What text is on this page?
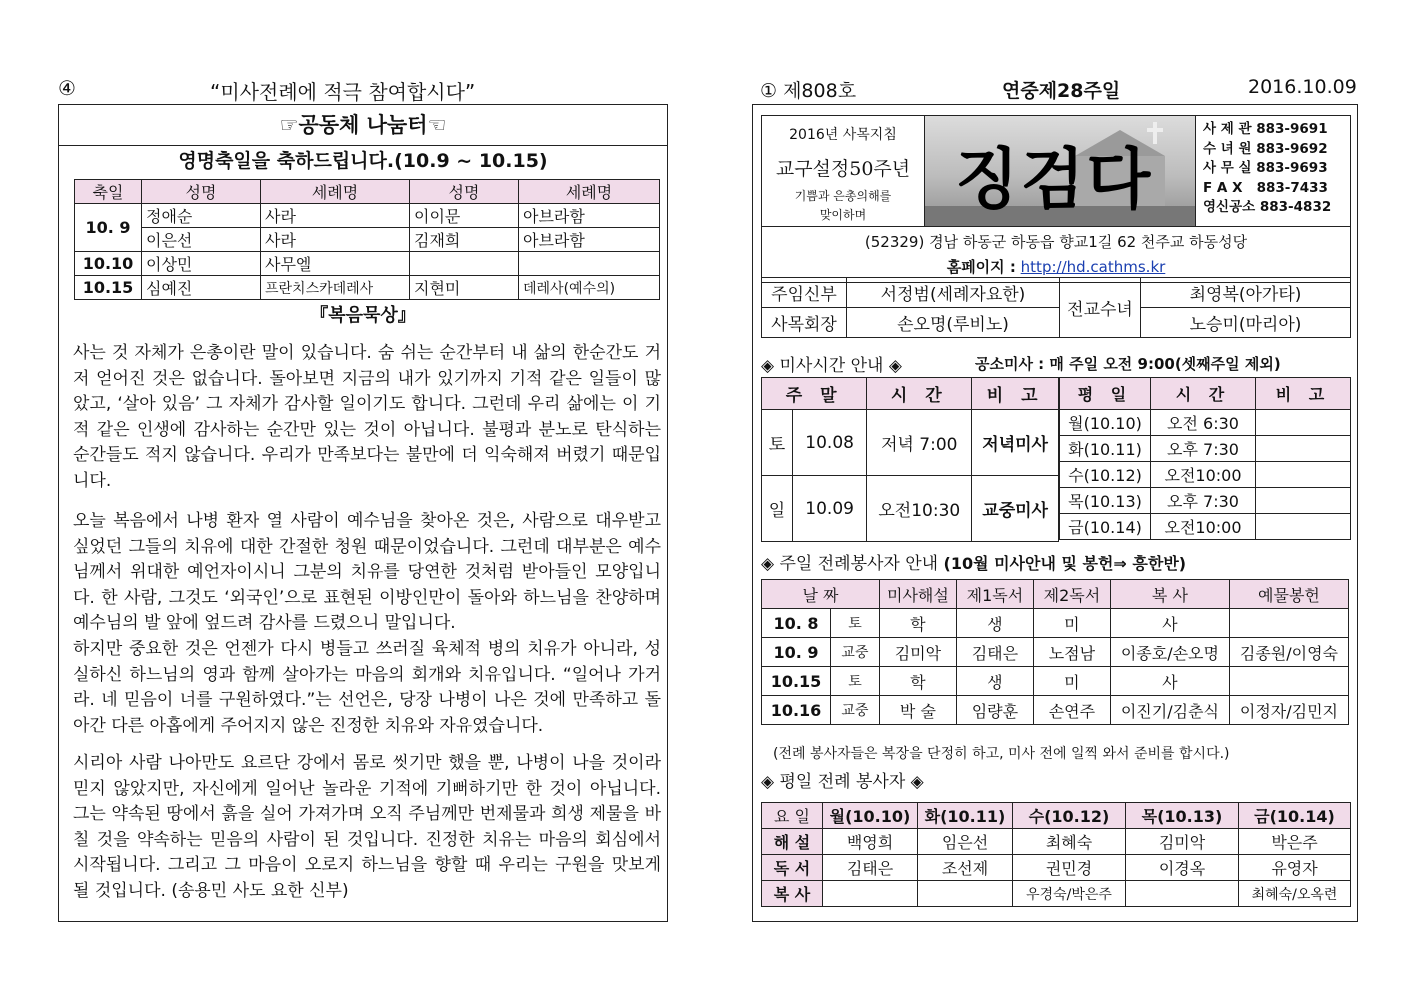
④	“미사전례에 적극 참여합시다”
☞공동체 나눔터☜
영명축일을 축하드립니다.(10.9 ~ 10.15)
축일	성명	세례명	성명	세례명
10. 9	정애순	사라	이이문	아브라함
	이은선	사라	김재희	아브라함
10.10	이상민	사무엘		
10.15	심예진	프란치스카데레사	지현미	데레사(예수의)
『복음묵상』
사는 것 자체가 은총이란 말이 있습니다. 숨 쉬는 순간부터 내 삶의 한순간도 거저 얻어진 것은 없습니다. 돌아보면 지금의 내가 있기까지 기적 같은 일들이 많았고, ‘살아 있음’ 그 자체가 감사할 일이기도 합니다. 그런데 우리 삶에는 이 기적 같은 인생에 감사하는 순간만 있는 것이 아닙니다. 불평과 분노로 탄식하는 순간들도 적지 않습니다. 우리가 만족보다는 불만에 더 익숙해져 버렸기 때문입니다.
오늘 복음에서 나병 환자 열 사람이 예수님을 찾아온 것은, 사람으로 대우받고 싶었던 그들의 치유에 대한 간절한 청원 때문이었습니다. 그런데 대부분은 예수님께서 위대한 예언자이시니 그분의 치유를 당연한 것처럼 받아들인 모양입니다. 한 사람, 그것도 ‘외국인’으로 표현된 이방인만이 돌아와 하느님을 찬양하며 예수님의 발 앞에 엎드려 감사를 드렸으니 말입니다.
하지만 중요한 것은 언젠가 다시 병들고 쓰러질 육체적 병의 치유가 아니라, 성실하신 하느님의 영과 함께 살아가는 마음의 회개와 치유입니다. “일어나 가거라. 네 믿음이 너를 구원하였다.”는 선언은, 당장 나병이 나은 것에 만족하고 돌아간 다른 아홉에게 주어지지 않은 진정한 치유와 자유였습니다.
시리아 사람 나아만도 요르단 강에서 몸로 씻기만 했을 뿐, 나병이 나을 것이라 믿지 않았지만, 자신에게 일어난 놀라운 기적에 기뻐하기만 한 것이 아닙니다. 그는 약속된 땅에서 흙을 실어 가져가며 오직 주님께만 번제물과 희생 제물을 바칠 것을 약속하는 믿음의 사람이 된 것입니다. 진정한 치유는 마음의 회심에서 시작됩니다. 그리고 그 마음이 오로지 하느님을 향할 때 우리는 구원을 맛보게 될 것입니다. (송용민 사도 요한 신부)
① 제808호	연중제28주일	2016.10.09
2016년 사목지침
교구설정50주년
기쁨과 은총의해를
맞이하며	징검다
사 제 관 883-9691
수 녀 원 883-9692
사 무 실 883-9693
F A X 883-7433
영신공소 883-4832
(52329) 경남 하동군 하동읍 향교1길 62 천주교 하동성당
홈페이지 : http://hd.cathms.kr
주임신부	서정범(세례자요한)	전교수녀	최영복(아가타)
사목회장	손오명(루비노)		노승미(마리아)
◈ 미사시간 안내 ◈	공소미사 : 매 주일 오전 9:00(셋째주일 제외)
주 말		시 간	비 고
토	10.08	저녁 7:00	저녁미사
일	10.09	오전10:30	교중미사
평 일	시 간	비 고
월(10.10)	오전 6:30	
화(10.11)	오후 7:30	
수(10.12)	오전10:00	
목(10.13)	오후 7:30	
금(10.14)	오전10:00	
◈ 주일 전례봉사자 안내 (10월 미사안내 및 봉헌⇒ 흥한반)
날 짜		미사해설	제1독서	제2독서	복 사	예물봉헌
10. 8	토	학	생	미	사	
10. 9	교중	김미악	김태은	노점남	이종호/손오명	김종원/이영숙
10.15	토	학	생	미	사	
10.16	교중	박 술	임량훈	손연주	이진기/김춘식	이정자/김민지
(전례 봉사자들은 복장을 단정히 하고, 미사 전에 일찍 와서 준비를 합시다.)
◈ 평일 전례 봉사자 ◈
요 일	월(10.10)	화(10.11)	수(10.12)	목(10.13)	금(10.14)
해 설	백영희	임은선	최혜숙	김미악	박은주
독 서	김태은	조선제	권민경	이경옥	유영자
복 사			우경숙/박은주		최혜숙/오옥련
